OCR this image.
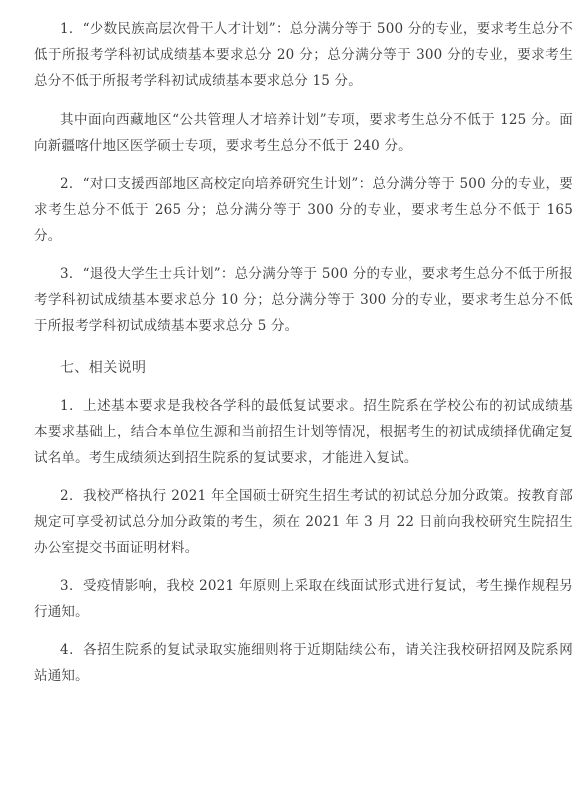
1．“少数民族高层次骨干人才计划”：总分满分等于 500 分的专业，要求考生总分不低于所报考学科初试成绩基本要求总分 20 分；总分满分等于 300 分的专业，要求考生总分不低于所报考学科初试成绩基本要求总分 15 分。

其中面向西藏地区“公共管理人才培养计划”专项，要求考生总分不低于 125 分。面向新疆喀什地区医学硕士专项，要求考生总分不低于 240 分。

2．“对口支援西部地区高校定向培养研究生计划”：总分满分等于 500 分的专业，要求考生总分不低于 265 分；总分满分等于 300 分的专业，要求考生总分不低于 165 分。

3．“退役大学生士兵计划”：总分满分等于 500 分的专业，要求考生总分不低于所报考学科初试成绩基本要求总分 10 分；总分满分等于 300 分的专业，要求考生总分不低于所报考学科初试成绩基本要求总分 5 分。

七、相关说明

1．上述基本要求是我校各学科的最低复试要求。招生院系在学校公布的初试成绩基本要求基础上，结合本单位生源和当前招生计划等情况，根据考生的初试成绩择优确定复试名单。考生成绩须达到招生院系的复试要求，才能进入复试。

2．我校严格执行 2021 年全国硕士研究生招生考试的初试总分加分政策。按教育部规定可享受初试总分加分政策的考生，须在 2021 年 3 月 22 日前向我校研究生院招生办公室提交书面证明材料。

3．受疫情影响，我校 2021 年原则上采取在线面试形式进行复试，考生操作规程另行通知。

4．各招生院系的复试录取实施细则将于近期陆续公布，请关注我校研招网及院系网站通知。
